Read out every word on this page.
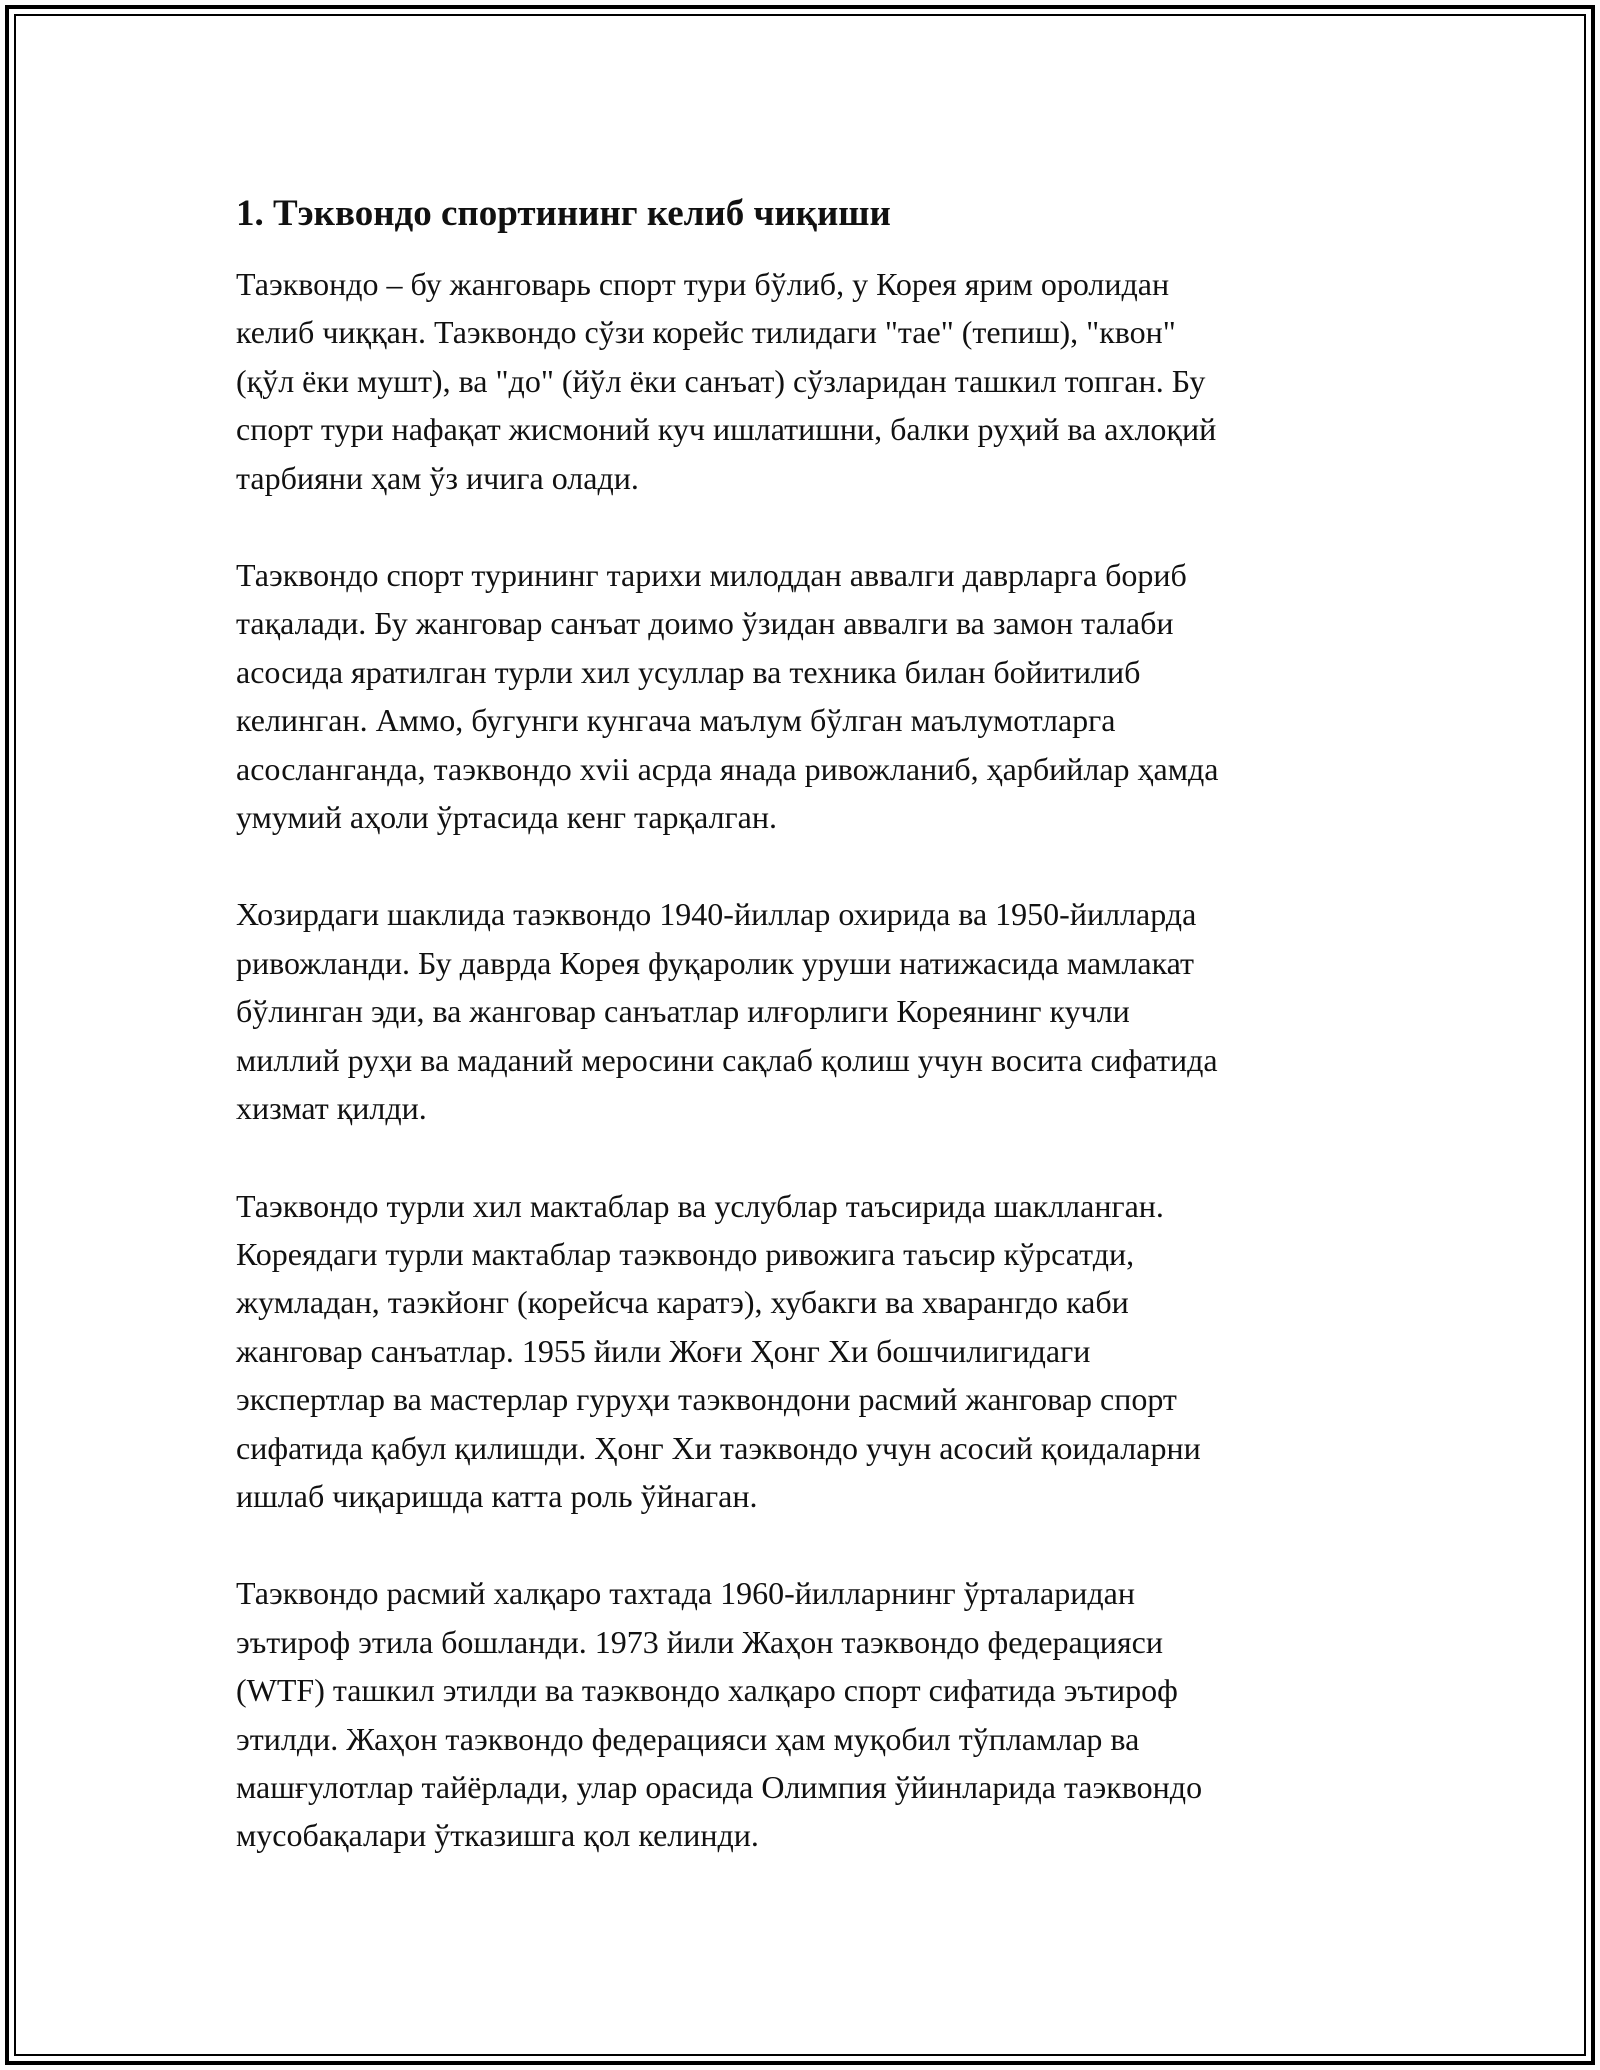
1. Тэквондо спортининг келиб чиқиши

Таэквондо – бу жанговарь спорт тури бўлиб, у Корея ярим оролидан
келиб чиққан. Таэквондо сўзи корейс тилидаги "тае" (тепиш), "квон"
(қўл ёки мушт), ва "до" (йўл ёки санъат) сўзларидан ташкил топган. Бу
спорт тури нафақат жисмоний куч ишлатишни, балки руҳий ва ахлоқий
тарбияни ҳам ўз ичига олади.

Таэквондо спорт турининг тарихи милоддан аввалги даврларга бориб
тақалади. Бу жанговар санъат доимо ўзидан аввалги ва замон талаби
асосида яратилган турли хил усуллар ва техника билан бойитилиб
келинган. Аммо, бугунги кунгача маълум бўлган маълумотларга
асосланганда, таэквондо xvii асрда янада ривожланиб, ҳарбийлар ҳамда
умумий аҳоли ўртасида кенг тарқалган.

Хозирдаги шаклида таэквондо 1940-йиллар охирида ва 1950-йилларда
ривожланди. Бу даврда Корея фуқаролик уруши натижасида мамлакат
бўлинган эди, ва жанговар санъатлар илғорлиги Кореянинг кучли
миллий руҳи ва маданий меросини сақлаб қолиш учун восита сифатида
хизмат қилди.

Таэквондо турли хил мактаблар ва услублар таъсирида шаклланган.
Кореядаги турли мактаблар таэквондо ривожига таъсир кўрсатди,
жумладан, таэкйонг (корейсча каратэ), хубакги ва хварангдо каби
жанговар санъатлар. 1955 йили Жоғи Ҳонг Хи бошчилигидаги
экспертлар ва мастерлар гуруҳи таэквондони расмий жанговар спорт
сифатида қабул қилишди. Ҳонг Хи таэквондо учун асосий қоидаларни
ишлаб чиқаришда катта роль ўйнаган.

Таэквондо расмий халқаро тахтада 1960-йилларнинг ўрталаридан
эътироф этила бошланди. 1973 йили Жаҳон таэквондо федерацияси
(WTF) ташкил этилди ва таэквондо халқаро спорт сифатида эътироф
этилди. Жаҳон таэквондо федерацияси ҳам муқобил тўпламлар ва
машғулотлар тайёрлади, улар орасида Олимпия ўйинларида таэквондо
мусобақалари ўтказишга қол келинди.
